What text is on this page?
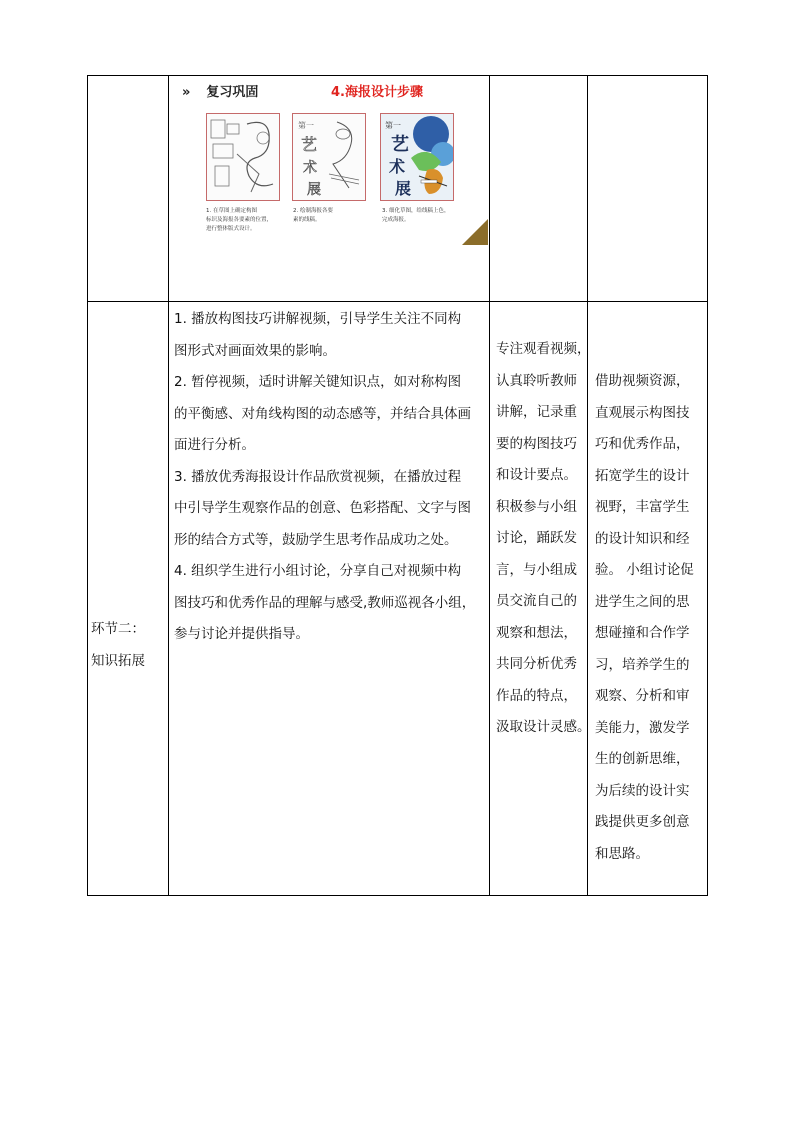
» 复习巩固	4.海报设计步骤
第一
艺
术
展
第一
艺
术
展
1. 在草图上确定构图
标识及海报各要素的位置，
进行整体版式设计。
2. 绘制海报各要
素的线稿。
3. 细化草图，给线稿上色，
完成海报。
环节二：
知识拓展
1. 播放构图技巧讲解视频，引导学生关注不同构
图形式对画面效果的影响。
2. 暂停视频，适时讲解关键知识点，如对称构图
的平衡感、对角线构图的动态感等，并结合具体画
面进行分析。
3. 播放优秀海报设计作品欣赏视频，在播放过程
中引导学生观察作品的创意、色彩搭配、文字与图
形的结合方式等，鼓励学生思考作品成功之处。
4. 组织学生进行小组讨论，分享自己对视频中构
图技巧和优秀作品的理解与感受,教师巡视各小组，
参与讨论并提供指导。
专注观看视频，
认真聆听教师
讲解，记录重
要的构图技巧
和设计要点。
积极参与小组
讨论，踊跃发
言，与小组成
员交流自己的
观察和想法，
共同分析优秀
作品的特点，
汲取设计灵感。
借助视频资源，
直观展示构图技
巧和优秀作品，
拓宽学生的设计
视野，丰富学生
的设计知识和经
验。 小组讨论促
进学生之间的思
想碰撞和合作学
习，培养学生的
观察、分析和审
美能力，激发学
生的创新思维，
为后续的设计实
践提供更多创意
和思路。
